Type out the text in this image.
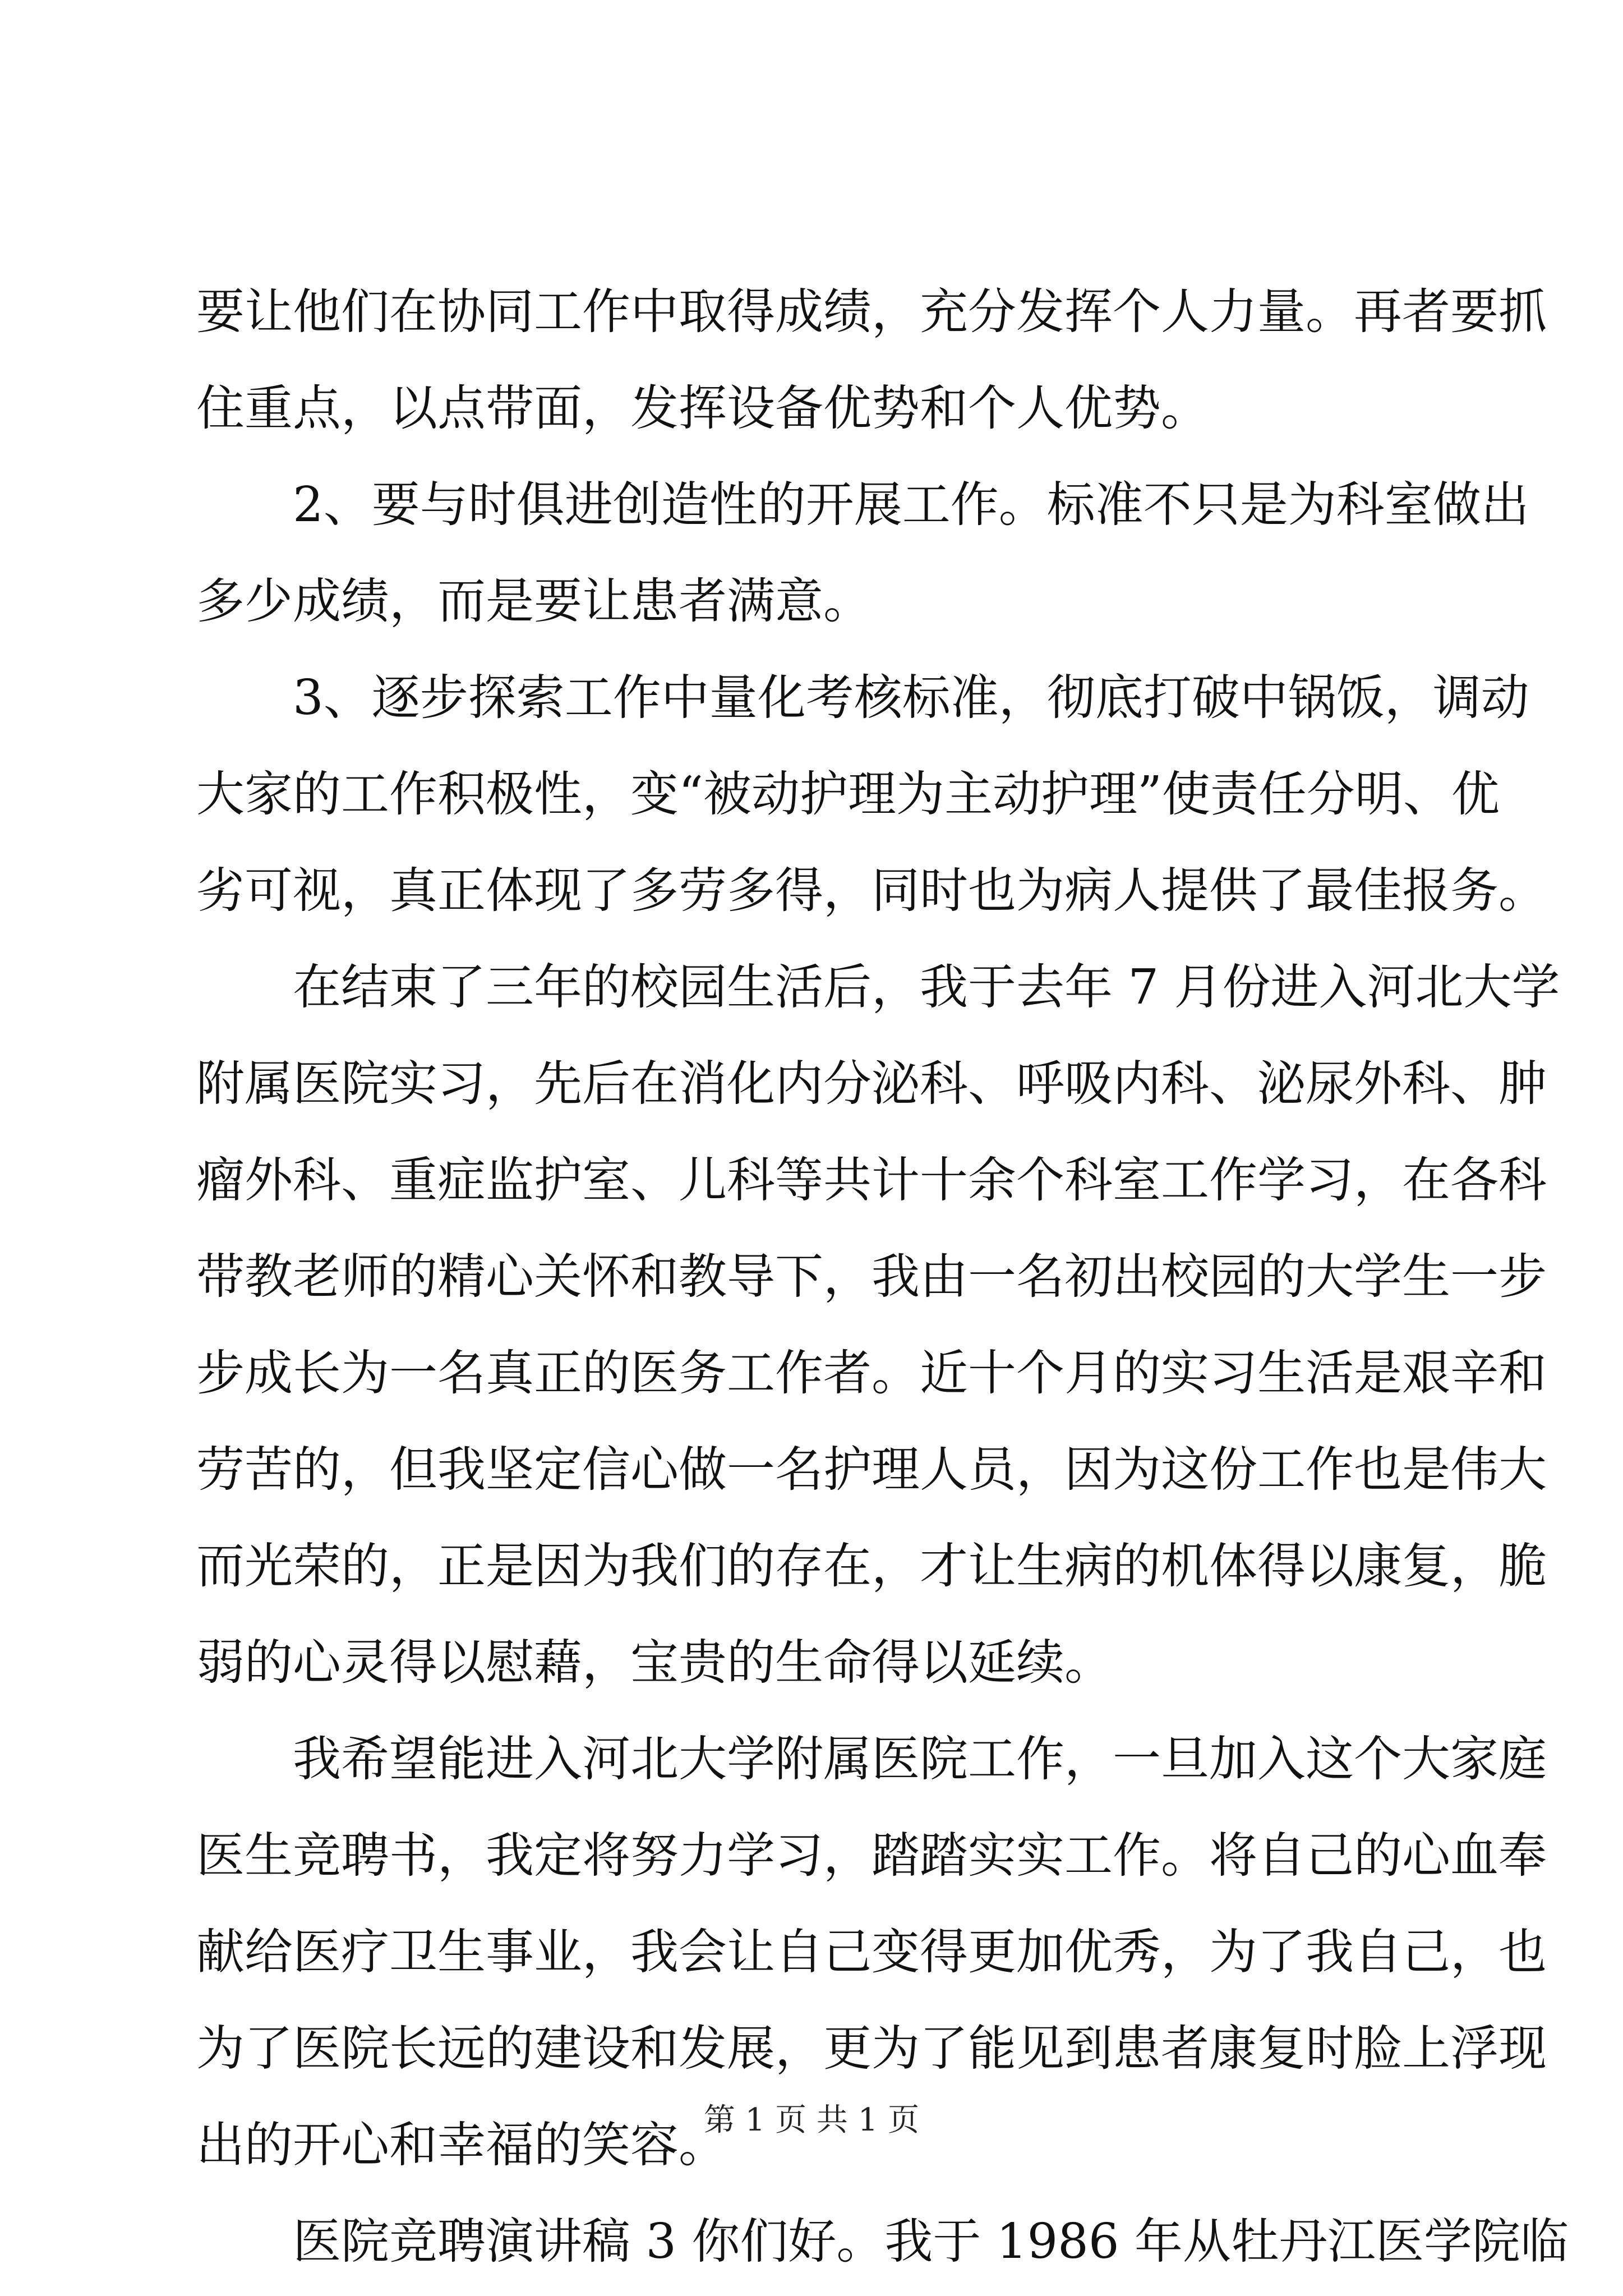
要让他们在协同工作中取得成绩，充分发挥个人力量。再者要抓
住重点，以点带面，发挥设备优势和个人优势。
2、要与时俱进创造性的开展工作。标准不只是为科室做出
多少成绩，而是要让患者满意。
3、逐步探索工作中量化考核标准，彻底打破中锅饭，调动
大家的工作积极性，变“被动护理为主动护理”使责任分明、优
劣可视，真正体现了多劳多得，同时也为病人提供了最佳报务。
在结束了三年的校园生活后，我于去年 7 月份进入河北大学
附属医院实习，先后在消化内分泌科、呼吸内科、泌尿外科、肿
瘤外科、重症监护室、儿科等共计十余个科室工作学习，在各科
带教老师的精心关怀和教导下，我由一名初出校园的大学生一步
步成长为一名真正的医务工作者。近十个月的实习生活是艰辛和
劳苦的，但我坚定信心做一名护理人员，因为这份工作也是伟大
而光荣的，正是因为我们的存在，才让生病的机体得以康复，脆
弱的心灵得以慰藉，宝贵的生命得以延续。
我希望能进入河北大学附属医院工作，一旦加入这个大家庭
医生竞聘书，我定将努力学习，踏踏实实工作。将自己的心血奉
献给医疗卫生事业，我会让自己变得更加优秀，为了我自己，也
为了医院长远的建设和发展，更为了能见到患者康复时脸上浮现
出的开心和幸福的笑容。
医院竞聘演讲稿 3 你们好。我于 1986 年从牡丹江医学院临
第 1 页 共 1 页
